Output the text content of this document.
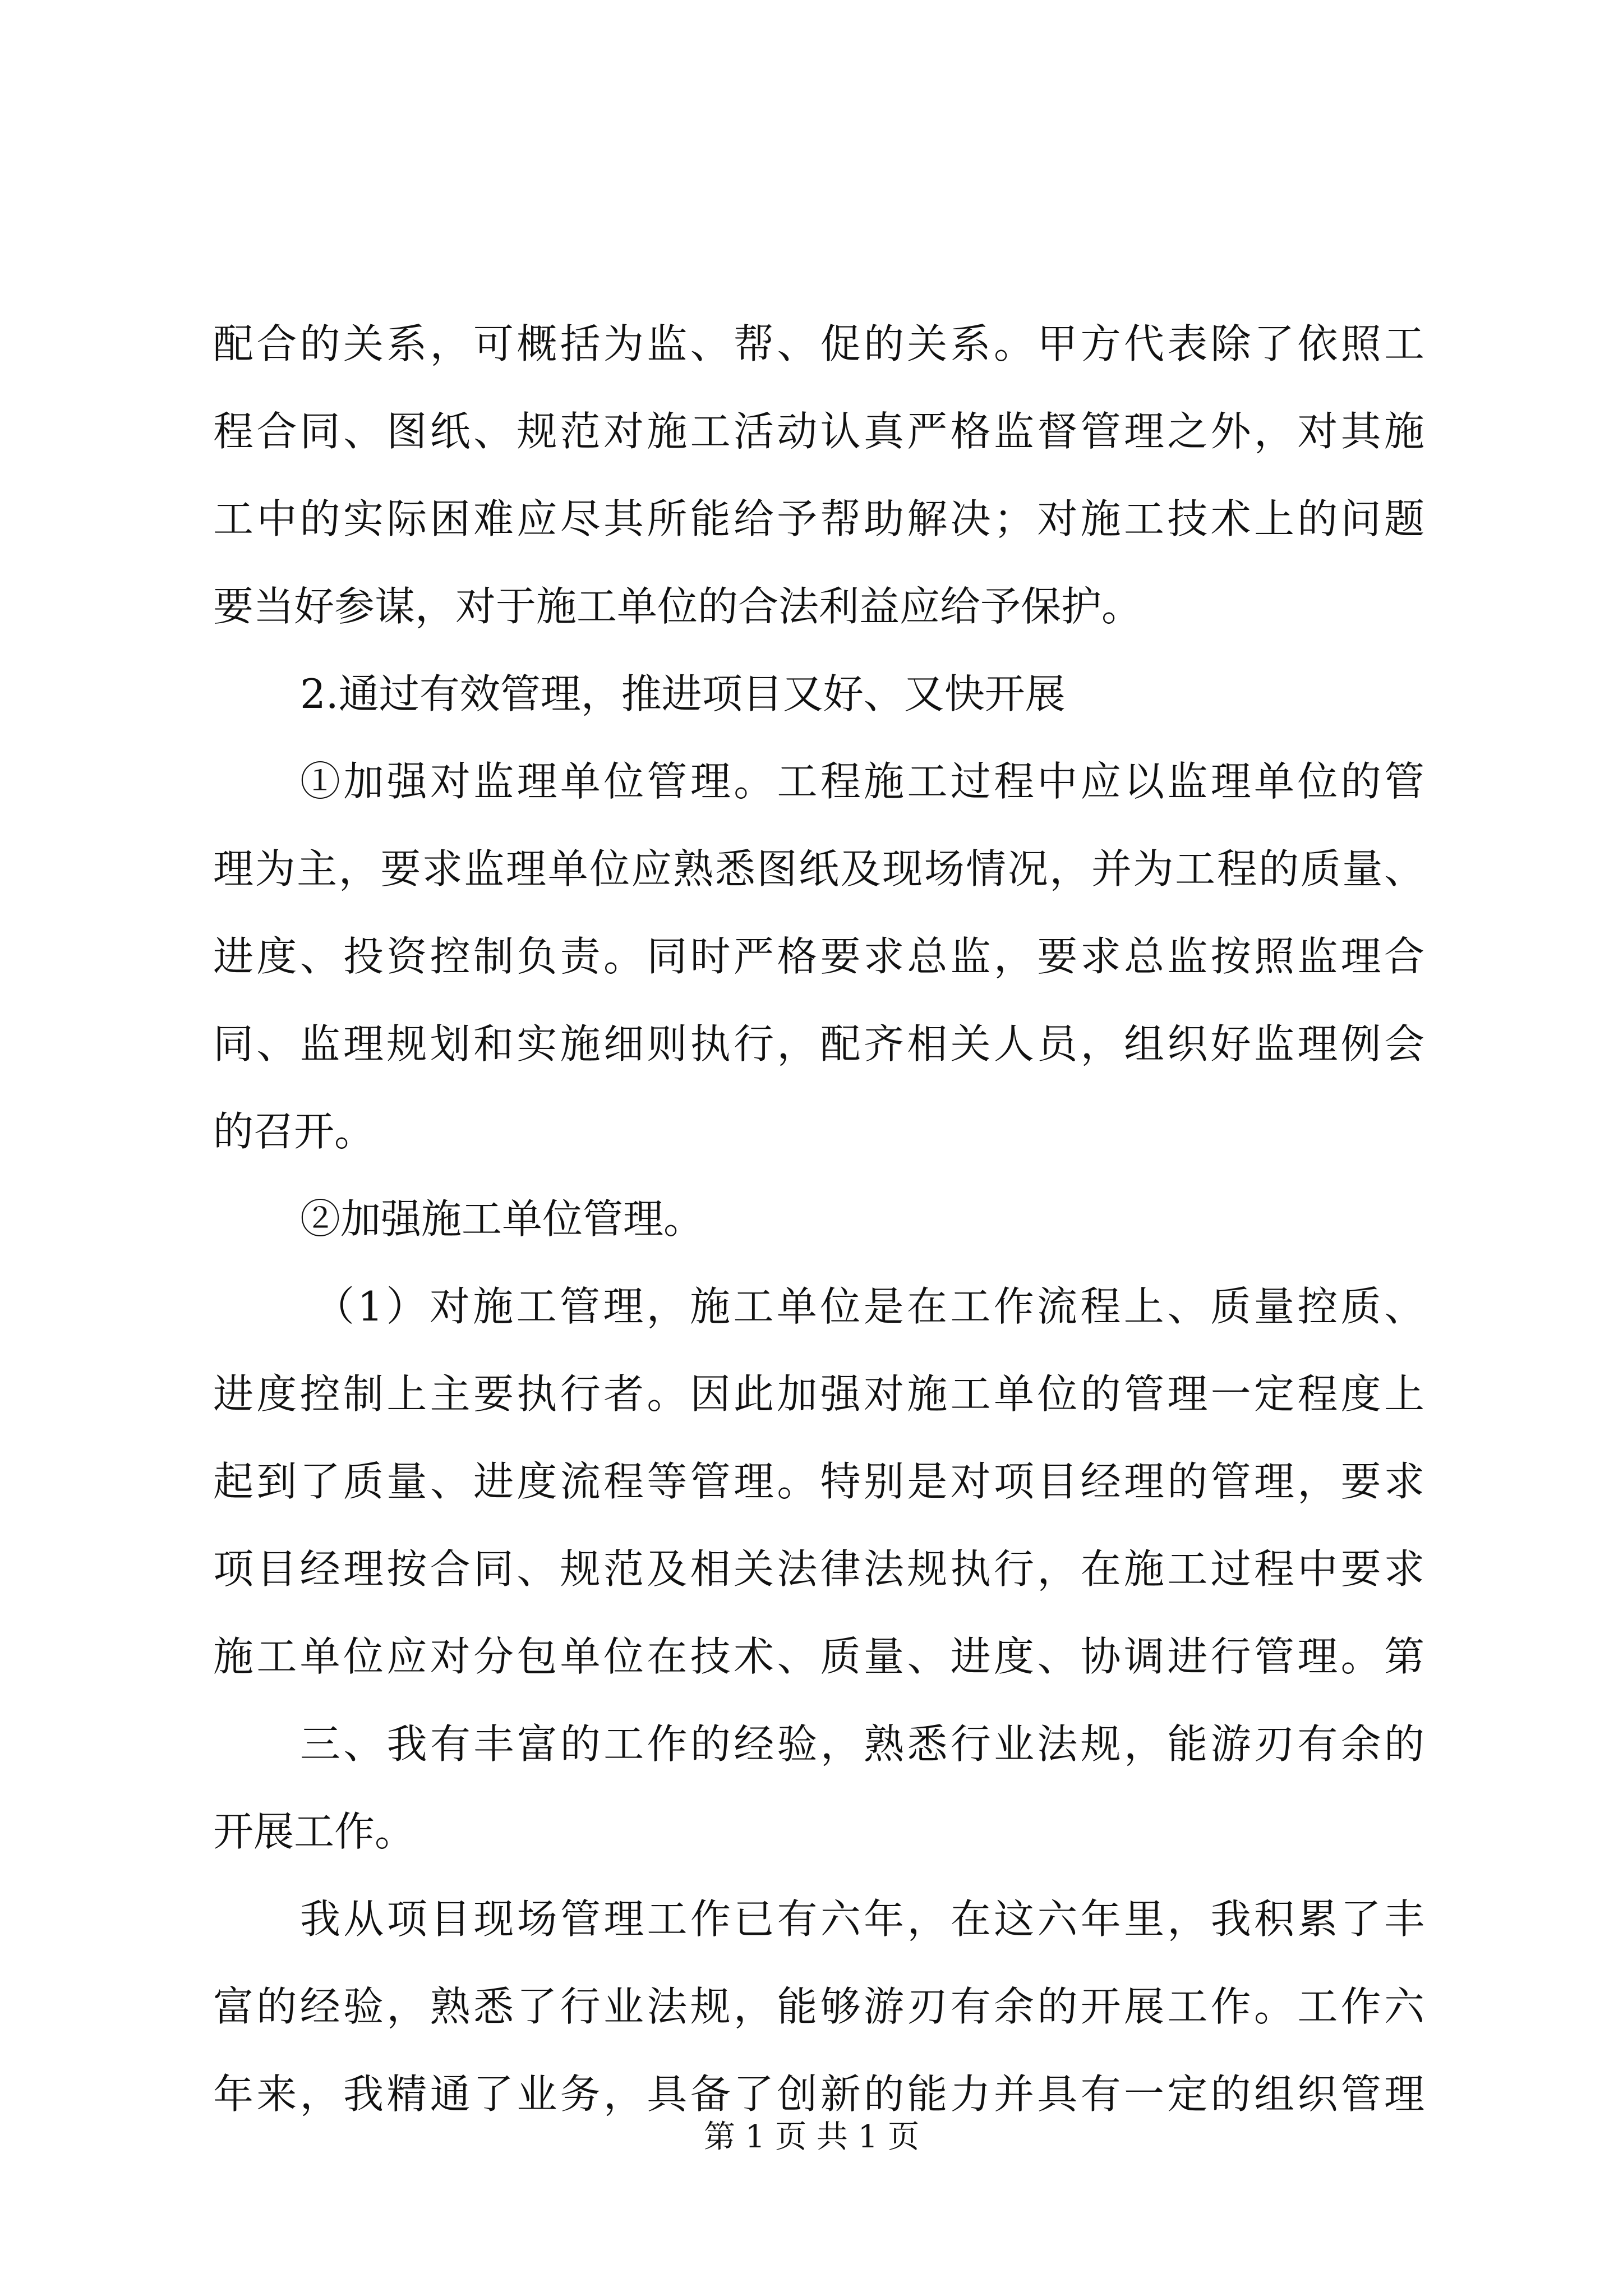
配合的关系，可概括为监、帮、促的关系。甲方代表除了依照工
程合同、图纸、规范对施工活动认真严格监督管理之外，对其施
工中的实际困难应尽其所能给予帮助解决；对施工技术上的问题
要当好参谋，对于施工单位的合法利益应给予保护。
2.通过有效管理，推进项目又好、又快开展
①加强对监理单位管理。工程施工过程中应以监理单位的管
理为主，要求监理单位应熟悉图纸及现场情况，并为工程的质量、
进度、投资控制负责。同时严格要求总监，要求总监按照监理合
同、监理规划和实施细则执行，配齐相关人员，组织好监理例会
的召开。
②加强施工单位管理。
（1）对施工管理，施工单位是在工作流程上、质量控质、
进度控制上主要执行者。因此加强对施工单位的管理一定程度上
起到了质量、进度流程等管理。特别是对项目经理的管理，要求
项目经理按合同、规范及相关法律法规执行，在施工过程中要求
施工单位应对分包单位在技术、质量、进度、协调进行管理。第
三、我有丰富的工作的经验，熟悉行业法规，能游刃有余的
开展工作。
我从项目现场管理工作已有六年，在这六年里，我积累了丰
富的经验，熟悉了行业法规，能够游刃有余的开展工作。工作六
年来，我精通了业务，具备了创新的能力并具有一定的组织管理
第 1 页 共 1 页
